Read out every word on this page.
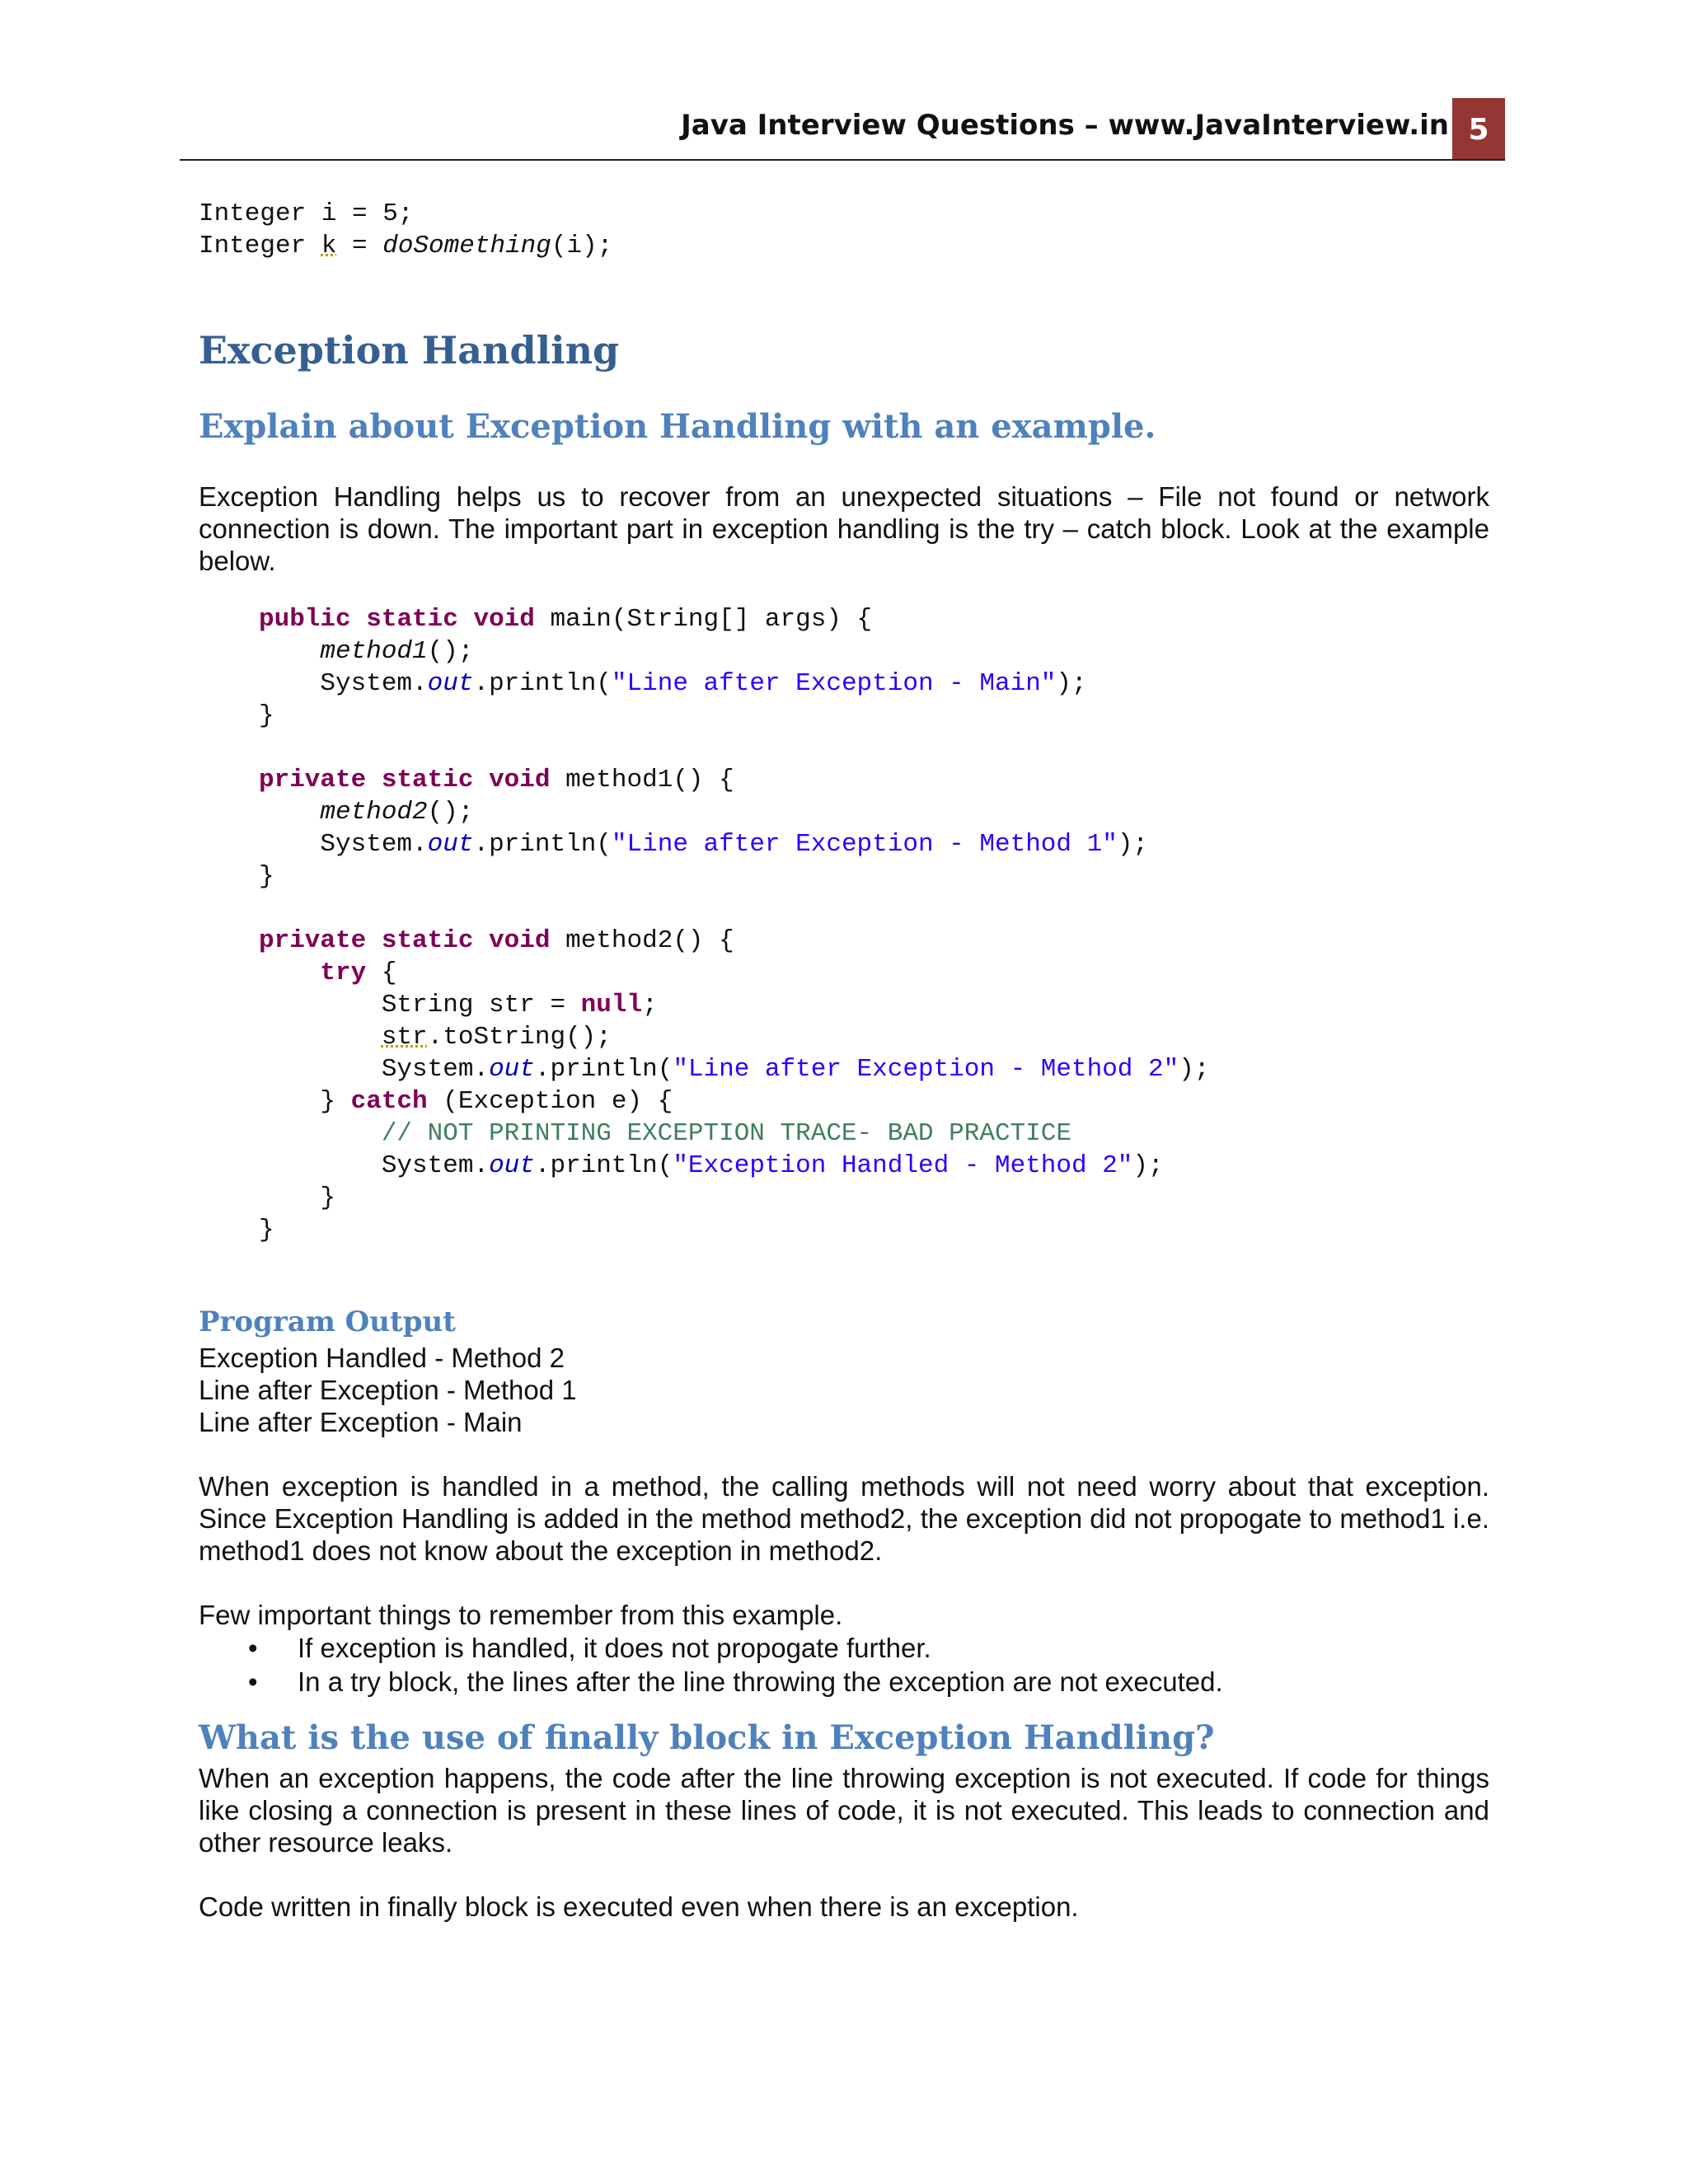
Java Interview Questions – www.JavaInterview.in 5
Integer i = 5;
Integer k = doSomething(i);
Exception Handling
Explain about Exception Handling with an example.

Exception Handling helps us to recover from an unexpected situations – File not found or network connection is down. The important part in exception handling is the try – catch block. Look at the example below.

public static void main(String[] args) {
method1();
System.out.println("Line after Exception - Main");
}

private static void method1() {
method2();
System.out.println("Line after Exception - Method 1");
}

private static void method2() {
try {
String str = null;
str.toString();
System.out.println("Line after Exception - Method 2");
} catch (Exception e) {
// NOT PRINTING EXCEPTION TRACE- BAD PRACTICE
System.out.println("Exception Handled - Method 2");
}
}
Program Output

Exception Handled - Method 2

Line after Exception - Method 1

Line after Exception - Main

When exception is handled in a method, the calling methods will not need worry about that exception. Since Exception Handling is added in the method method2, the exception did not propogate to method1 i.e. method1 does not know about the exception in method2.

Few important things to remember from this example.

• If exception is handled, it does not propogate further.
• In a try block, the lines after the line throwing the exception are not executed.
What is the use of finally block in Exception Handling?

When an exception happens, the code after the line throwing exception is not executed. If code for things like closing a connection is present in these lines of code, it is not executed. This leads to connection and other resource leaks.

Code written in finally block is executed even when there is an exception.
